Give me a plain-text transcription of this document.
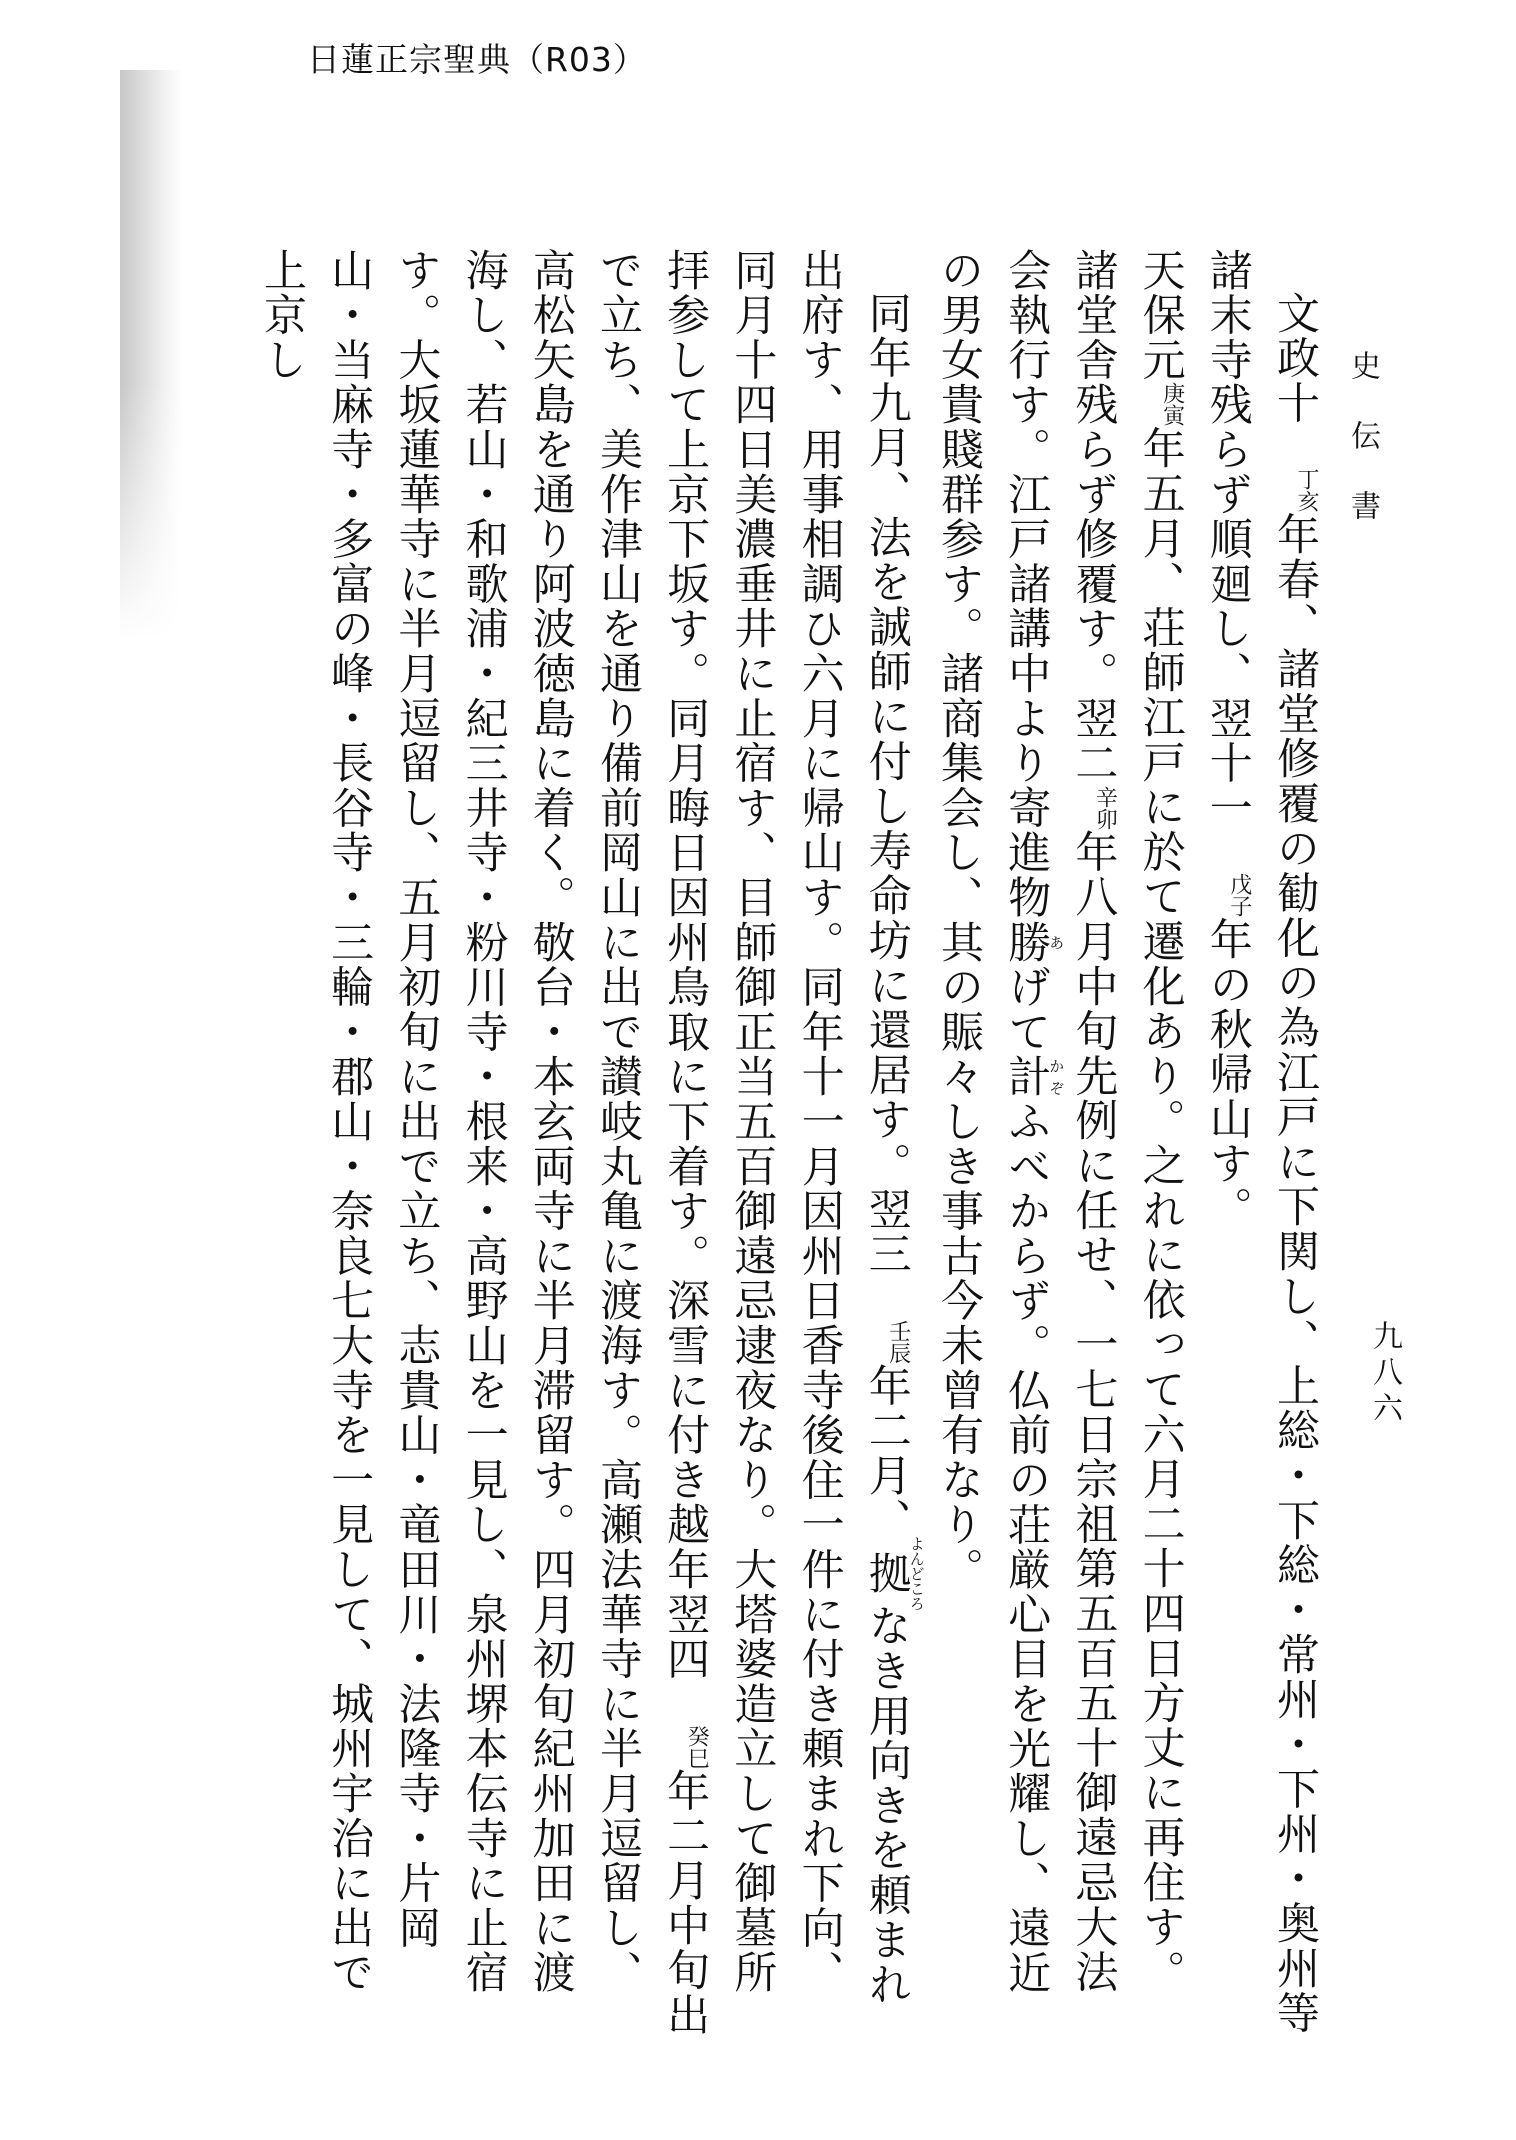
日蓮正宗聖典（R03）
史伝書
九八六

文政十丁亥年春、諸堂修覆の勧化の為江戸に下関し、上総・下総・常州・下州・奥州等諸末寺残らず順廻し、翌十一戊子年の秋帰山す。

天保元庚寅年五月、荘師江戸に於て遷化あり。之れに依って六月二十四日方丈に再住す。諸堂舎残らず修覆す。翌二辛卯年八月中旬先例に任せ、一七日宗祖第五百五十御遠忌大法会執行す。江戸諸講中より寄進物勝あげて計かぞふべからず。仏前の荘厳心目を光耀し、遠近の男女貴賤群参す。諸商集会し、其の賑々しき事古今未曾有なり。

同年九月、法を誠師に付し寿命坊に還居す。翌三壬辰年二月、拠よんどころなき用向きを頼まれ出府す、用事相調ひ六月に帰山す。同年十一月因州日香寺後住一件に付き頼まれ下向、同月十四日美濃垂井に止宿す、目師御正当五百御遠忌逮夜なり。大塔婆造立して御墓所拝参して上京下坂す。同月晦日因州鳥取に下着す。深雪に付き越年翌四癸巳年二月中旬出で立ち、美作津山を通り備前岡山に出で讃岐丸亀に渡海す。高瀬法華寺に半月逗留し、高松矢島を通り阿波徳島に着く。敬台・本玄両寺に半月滞留す。四月初旬紀州加田に渡海し、若山・和歌浦・紀三井寺・粉川寺・根来・高野山を一見し、泉州堺本伝寺に止宿す。大坂蓮華寺に半月逗留し、五月初旬に出で立ち、志貴山・竜田川・法隆寺・片岡山・当麻寺・多富の峰・長谷寺・三輪・郡山・奈良七大寺を一見して、城州宇治に出で上京し
